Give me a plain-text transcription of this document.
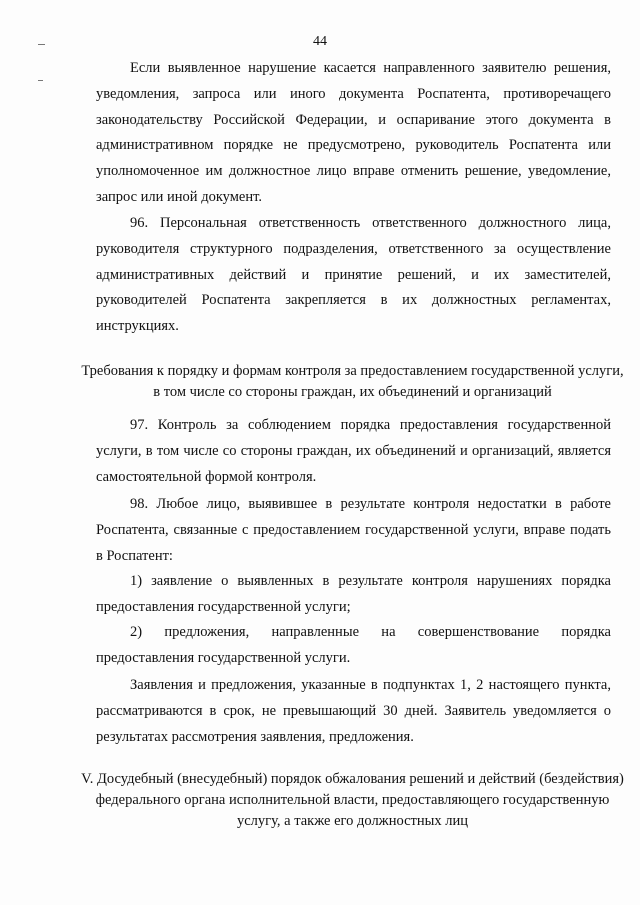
44

Если выявленное нарушение касается направленного заявителю решения, уведомления, запроса или иного документа Роспатента, противоречащего законодательству Российской Федерации, и оспаривание этого документа в административном порядке не предусмотрено, руководитель Роспатента или уполномоченное им должностное лицо вправе отменить решение, уведомление, запрос или иной документ.

96. Персональная ответственность ответственного должностного лица, руководителя структурного подразделения, ответственного за осуществление административных действий и принятие решений, и их заместителей, руководителей Роспатента закрепляется в их должностных регламентах, инструкциях.

Требования к порядку и формам контроля за предоставлением государственной услуги, в том числе со стороны граждан, их объединений и организаций

97. Контроль за соблюдением порядка предоставления государственной услуги, в том числе со стороны граждан, их объединений и организаций, является самостоятельной формой контроля.

98. Любое лицо, выявившее в результате контроля недостатки в работе Роспатента, связанные с предоставлением государственной услуги, вправе подать в Роспатент:

1) заявление о выявленных в результате контроля нарушениях порядка предоставления государственной услуги;

2) предложения, направленные на совершенствование порядка предоставления государственной услуги.

Заявления и предложения, указанные в подпунктах 1, 2 настоящего пункта, рассматриваются в срок, не превышающий 30 дней. Заявитель уведомляется о результатах рассмотрения заявления, предложения.

V. Досудебный (внесудебный) порядок обжалования решений и действий (бездействия) федерального органа исполнительной власти, предоставляющего государственную услугу, а также его должностных лиц
